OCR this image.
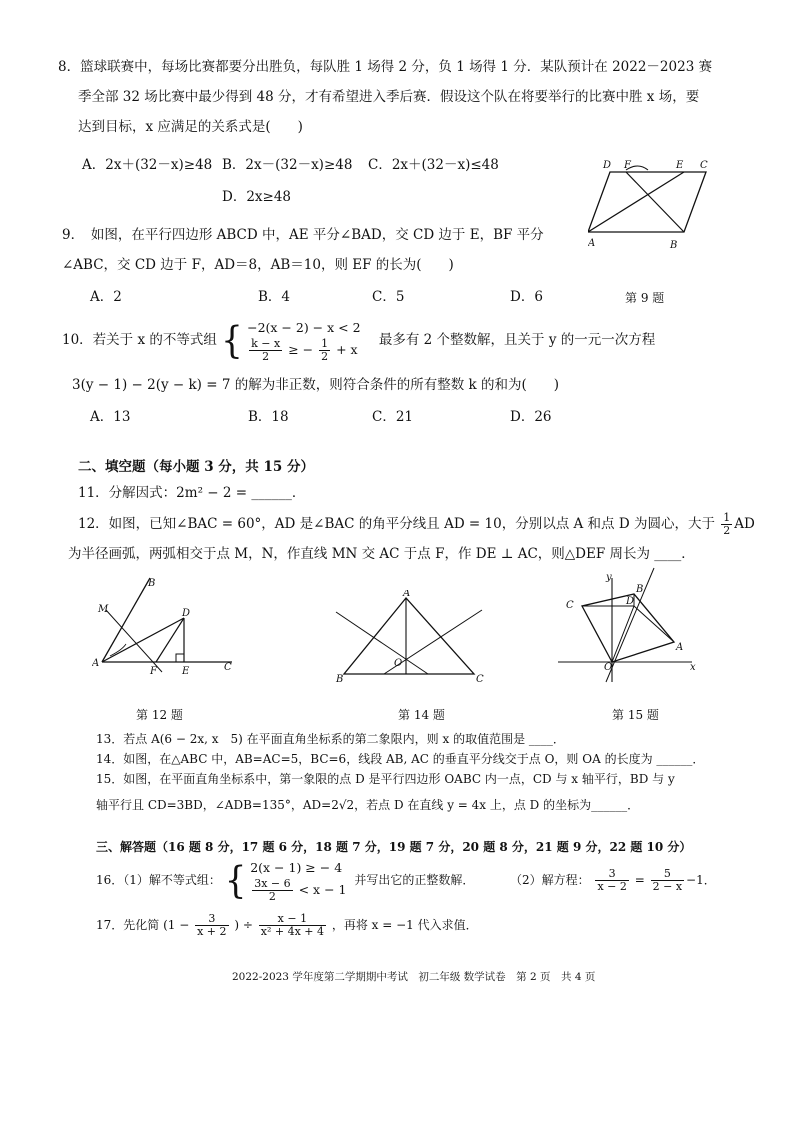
8．篮球联赛中，每场比赛都要分出胜负，每队胜 1 场得 2 分，负 1 场得 1 分．某队预计在 2022－2023 赛
季全部 32 场比赛中最少得到 48 分，才有希望进入季后赛．假设这个队在将要举行的比赛中胜 x 场，要
达到目标，x 应满足的关系式是(　　)
A．2x＋(32－x)≥48 B．2x－(32－x)≥48 C．2x＋(32－x)≤48
D．2x≥48
D F	E C
A	B
9．　如图，在平行四边形 ABCD 中，AE 平分∠BAD，交 CD 边于 E，BF 平分
∠ABC，交 CD 边于 F，AD＝8，AB＝10，则 EF 的长为(　　)
A．2	B．4	C．5	D．6	第 9 题
10．若关于 x 的不等式组 { −2(x − 2) − x < 2
$\frac{k - x}{2}$ ≥ − $\frac{1}{2} + x$
最多有 2 个整数解，且关于 y 的一元一次方程
3(y − 1) − 2(y − k) = 7 的解为非正数，则符合条件的所有整数 k 的和为(　　)
A．13	B．18	C．21	D．26
二、填空题（每小题 3 分，共 15 分）
11．分解因式：2m² − 2 = ______．
12．如图，已知∠BAC = 60°，AD 是∠BAC 的角平分线且 AD = 10，分别以点 A 和点 D 为圆心，大于 $\frac{1}{2}$ AD
为半径画弧，两弧相交于点 M，N，作直线 MN 交 AC 于点 F，作 DE ⊥ AC，则△DEF 周长为 ____．
B
M	D
A
F	E	C
第 12 题
A
O
B	C
第 14 题
y
C
B
D
A
O	x
第 15 题
13．若点 A(6 − 2x, x　5) 在平面直角坐标系的第二象限内，则 x 的取值范围是 ____．
14．如图，在△ABC 中，AB=AC=5，BC=6，线段 AB, AC 的垂直平分线交于点 O，则 OA 的长度为 ______．
15．如图，在平面直角坐标系中，第一象限的点 D 是平行四边形 OABC 内一点，CD 与 x 轴平行，BD 与 y
轴平行且 CD=3BD，∠ADB=135°，AD=2√2，若点 D 在直线 y = 4x 上，点 D 的坐标为______．
三、解答题（16 题 8 分，17 题 6 分，18 题 7 分，19 题 7 分，20 题 8 分，21 题 9 分，22 题 10 分）
16．（1）解不等式组： { 2(x − 1) ≥ − 4
$\frac{3x - 6}{2} < x - 1$
并写出它的正整数解．	（2）解方程： $\frac{3}{x - 2} = \frac{5}{2 - x} -1$．
17．先化简 ($1 - \frac{3}{x + 2}$ ) ÷ $\frac{x - 1}{\text{x² + 4x + 4}}$ ，再将 x = −1 代入求值．
2022-2023 学年度第二学期期中考试　初二年级 数学试卷　第 2 页　共 4 页
